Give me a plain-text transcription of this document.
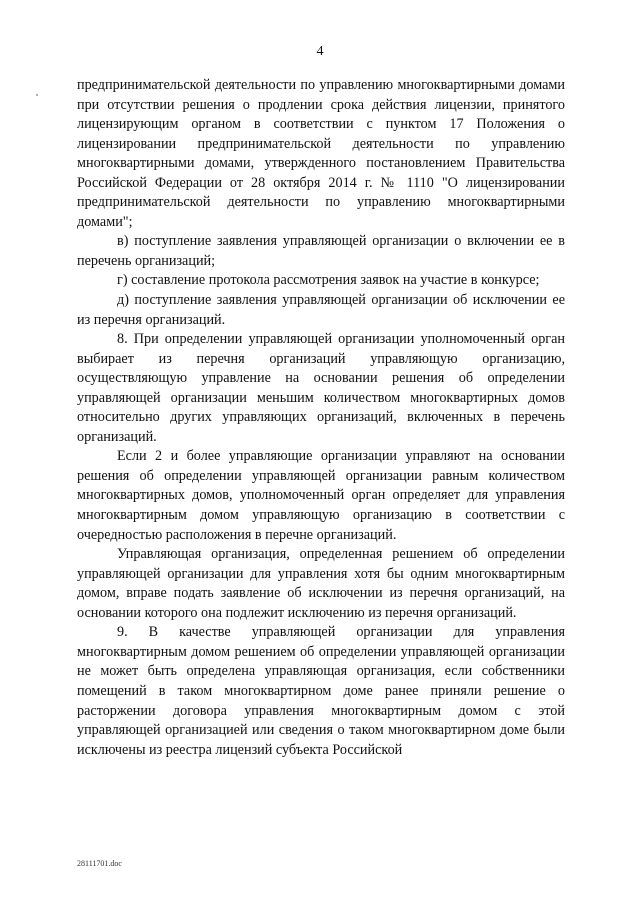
4

предпринимательской деятельности по управлению многоквартирными домами при отсутствии решения о продлении срока действия лицензии, принятого лицензирующим органом в соответствии с пунктом 17 Положения о лицензировании предпринимательской деятельности по управлению многоквартирными домами, утвержденного постановлением Правительства Российской Федерации от 28 октября 2014 г. № 1110 "О лицензировании предпринимательской деятельности по управлению многоквартирными домами";

в) поступление заявления управляющей организации о включении ее в перечень организаций;

г) составление протокола рассмотрения заявок на участие в конкурсе;

д) поступление заявления управляющей организации об исключении ее из перечня организаций.

8. При определении управляющей организации уполномоченный орган выбирает из перечня организаций управляющую организацию, осуществляющую управление на основании решения об определении управляющей организации меньшим количеством многоквартирных домов относительно других управляющих организаций, включенных в перечень организаций.

Если 2 и более управляющие организации управляют на основании решения об определении управляющей организации равным количеством многоквартирных домов, уполномоченный орган определяет для управления многоквартирным домом управляющую организацию в соответствии с очередностью расположения в перечне организаций.

Управляющая организация, определенная решением об определении управляющей организации для управления хотя бы одним многоквартирным домом, вправе подать заявление об исключении из перечня организаций, на основании которого она подлежит исключению из перечня организаций.

9. В качестве управляющей организации для управления многоквартирным домом решением об определении управляющей организации не может быть определена управляющая организация, если собственники помещений в таком многоквартирном доме ранее приняли решение о расторжении договора управления многоквартирным домом с этой управляющей организацией или сведения о таком многоквартирном доме были исключены из реестра лицензий субъекта Российской

28111701.doc
